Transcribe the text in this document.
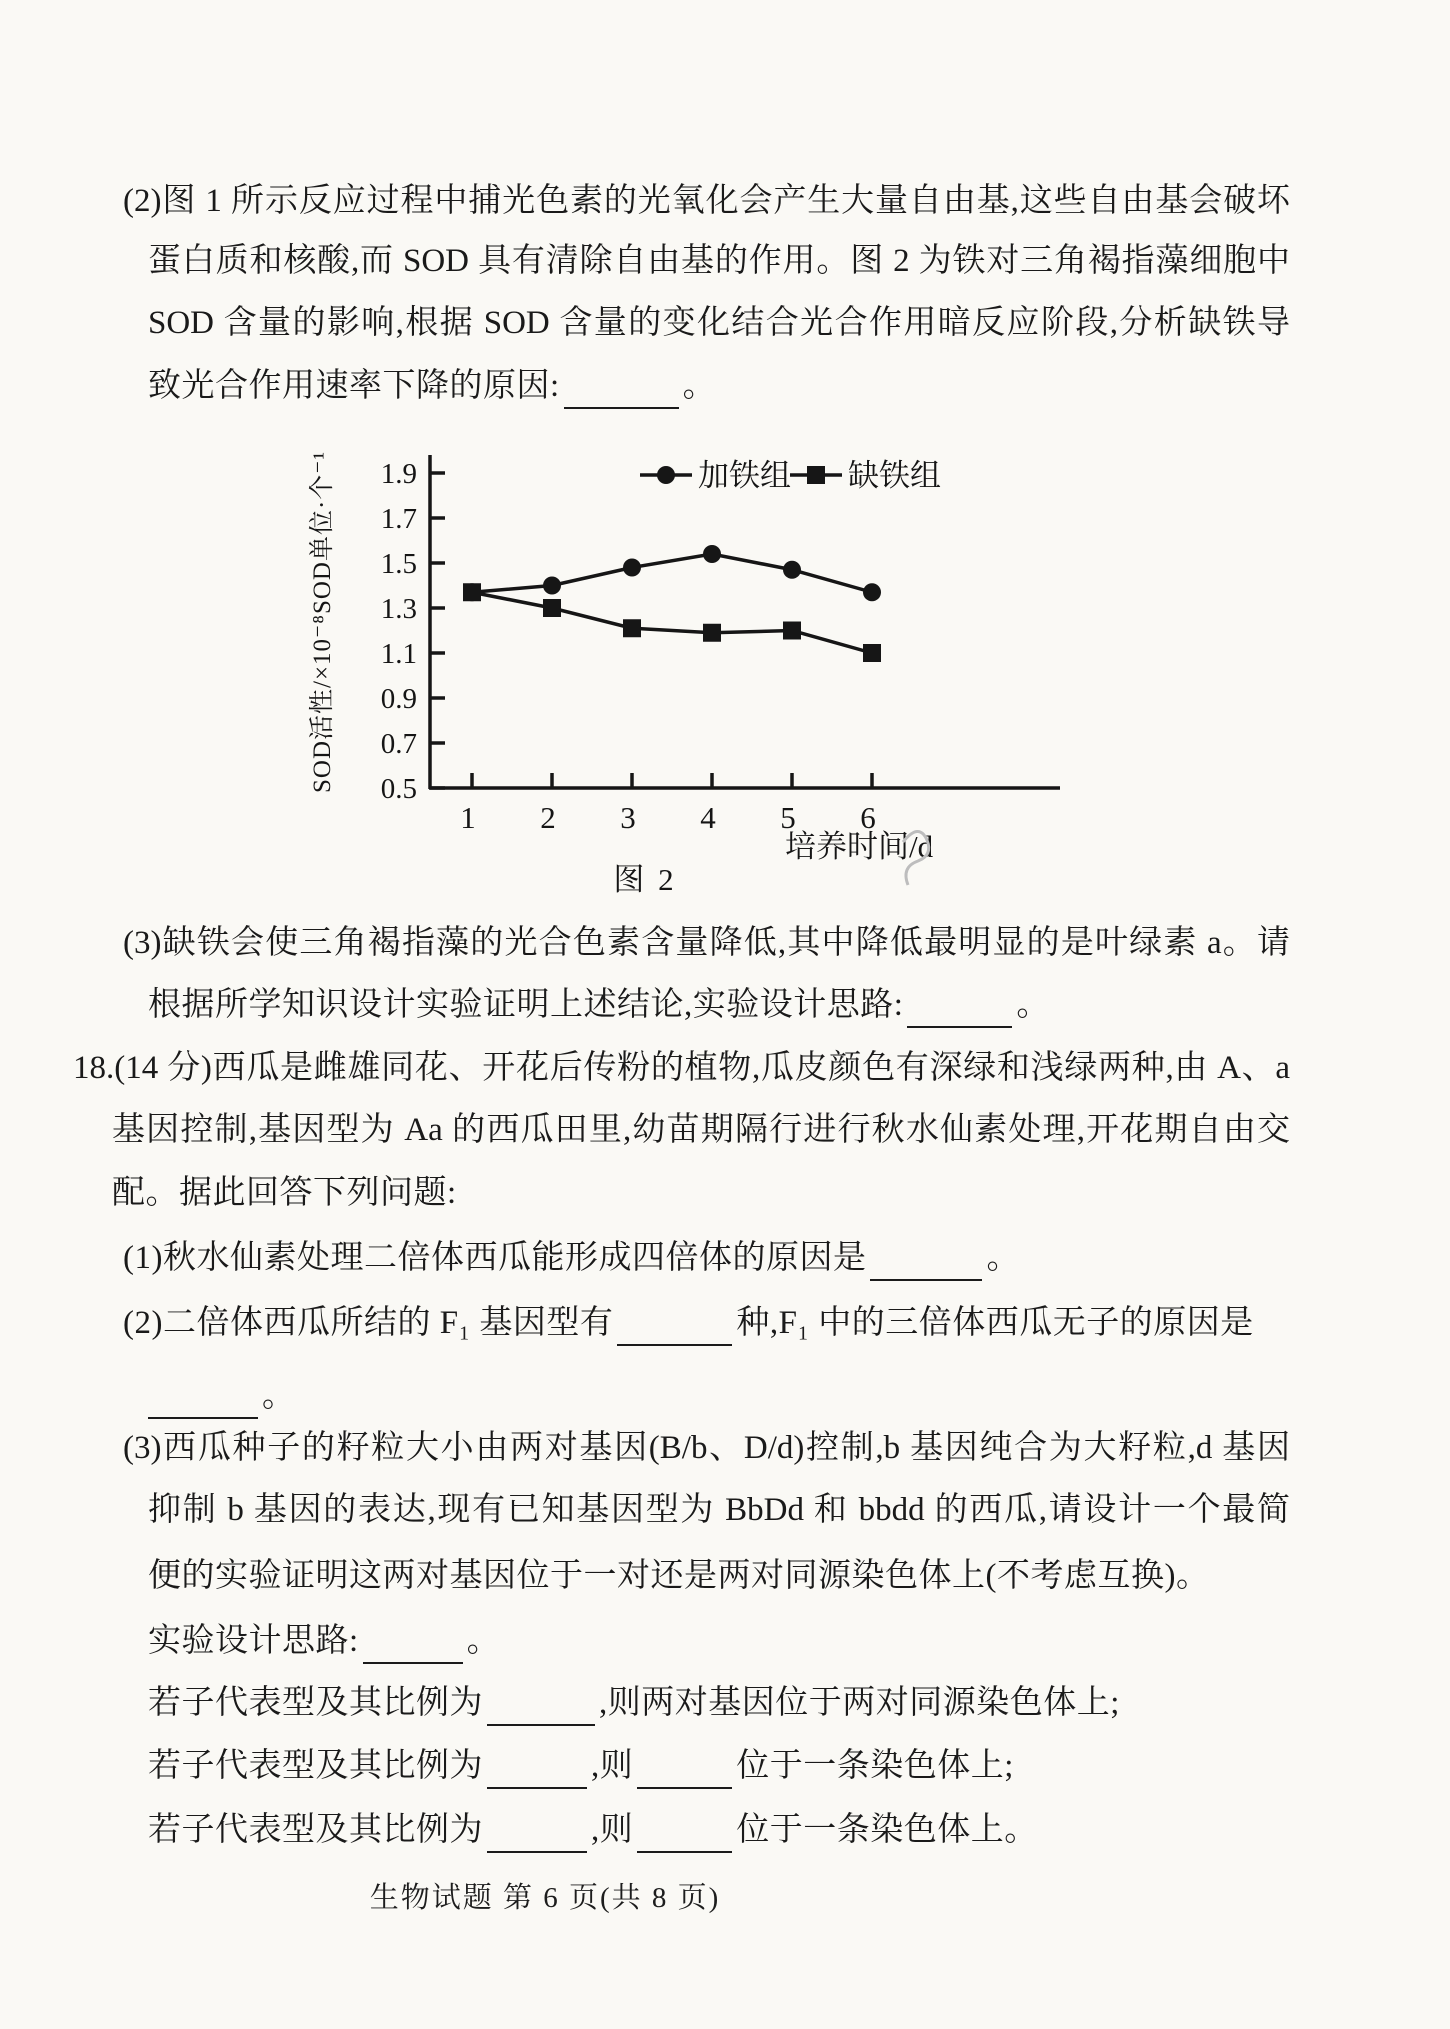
(2)图 1 所示反应过程中捕光色素的光氧化会产生大量自由基,这些自由基会破坏
蛋白质和核酸,而 SOD 具有清除自由基的作用。图 2 为铁对三角褐指藻细胞中
SOD 含量的影响,根据 SOD 含量的变化结合光合作用暗反应阶段,分析缺铁导
致光合作用速率下降的原因:	。
1.9
1.7
1.5
1.3
1.1
0.9
0.7
0.5
1 2 3 4 5 6
加铁组 缺铁组
SOD活性/×10⁻⁸SOD单位·个⁻¹
培养时间/d
图 2
(3)缺铁会使三角褐指藻的光合色素含量降低,其中降低最明显的是叶绿素 a。请
根据所学知识设计实验证明上述结论,实验设计思路:	。
18.(14 分)西瓜是雌雄同花、开花后传粉的植物,瓜皮颜色有深绿和浅绿两种,由 A、a
基因控制,基因型为 Aa 的西瓜田里,幼苗期隔行进行秋水仙素处理,开花期自由交
配。据此回答下列问题:
(1)秋水仙素处理二倍体西瓜能形成四倍体的原因是	。
(2)二倍体西瓜所结的 F₁ 基因型有	种,F₁ 中的三倍体西瓜无子的原因是
。
(3)西瓜种子的籽粒大小由两对基因(B/b、D/d)控制,b 基因纯合为大籽粒,d 基因
抑制 b 基因的表达,现有已知基因型为 BbDd 和 bbdd 的西瓜,请设计一个最简
便的实验证明这两对基因位于一对还是两对同源染色体上(不考虑互换)。
实验设计思路:	。
若子代表型及其比例为	,则两对基因位于两对同源染色体上;
若子代表型及其比例为	,则	位于一条染色体上;
若子代表型及其比例为	,则	位于一条染色体上。
生物试题 第 6 页(共 8 页)
